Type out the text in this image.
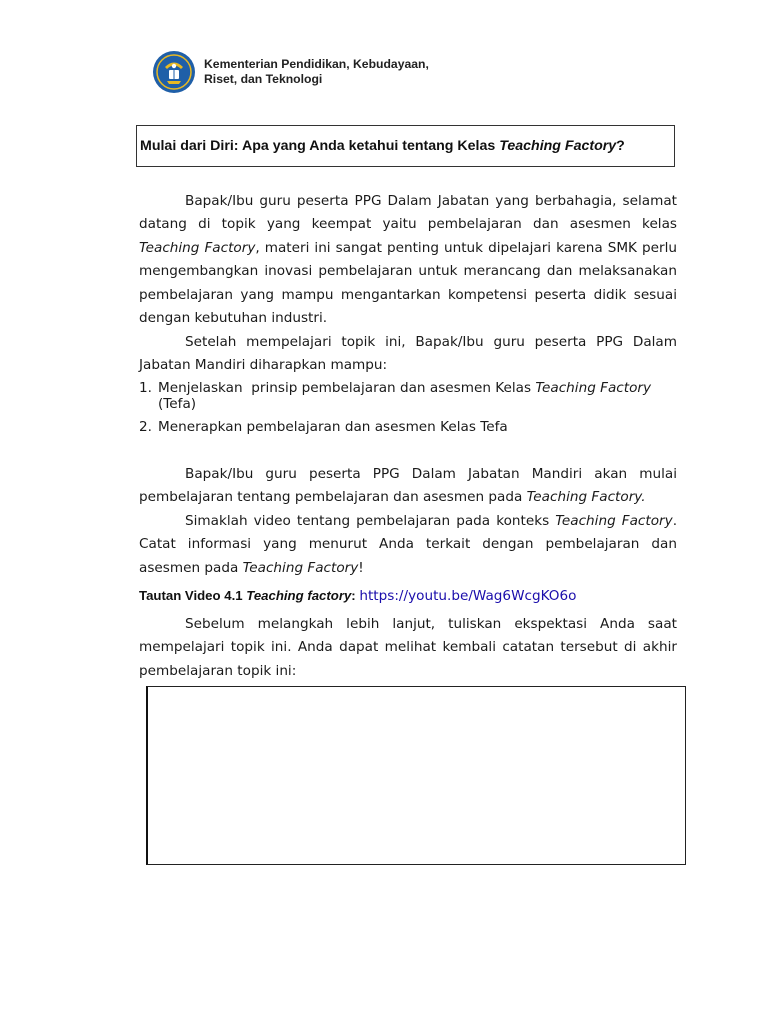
Kementerian Pendidikan, Kebudayaan,
Riset, dan Teknologi
Mulai dari Diri: Apa yang Anda ketahui tentang Kelas Teaching Factory ?
Bapak/Ibu guru peserta PPG Dalam Jabatan yang berbahagia, selamat datang di topik yang keempat yaitu pembelajaran dan asesmen kelas Teaching Factory, materi ini sangat penting untuk dipelajari karena SMK perlu mengembangkan inovasi pembelajaran untuk merancang dan melaksanakan pembelajaran yang mampu mengantarkan kompetensi peserta didik sesuai dengan kebutuhan industri.
Setelah mempelajari topik ini, Bapak/Ibu guru peserta PPG Dalam Jabatan Mandiri diharapkan mampu:
1. Menjelaskan  prinsip pembelajaran dan asesmen Kelas Teaching Factory
(Tefa)
2. Menerapkan pembelajaran dan asesmen Kelas Tefa
Bapak/Ibu guru peserta PPG Dalam Jabatan Mandiri akan mulai pembelajaran tentang pembelajaran dan asesmen pada Teaching Factory.
Simaklah video tentang pembelajaran pada konteks Teaching Factory. Catat informasi yang menurut Anda terkait dengan pembelajaran dan asesmen pada Teaching Factory!
Tautan Video 4.1 Teaching factory: https://youtu.be/Wag6WcgKO6o
Sebelum melangkah lebih lanjut, tuliskan ekspektasi Anda saat mempelajari topik ini. Anda dapat melihat kembali catatan tersebut di akhir pembelajaran topik ini:
